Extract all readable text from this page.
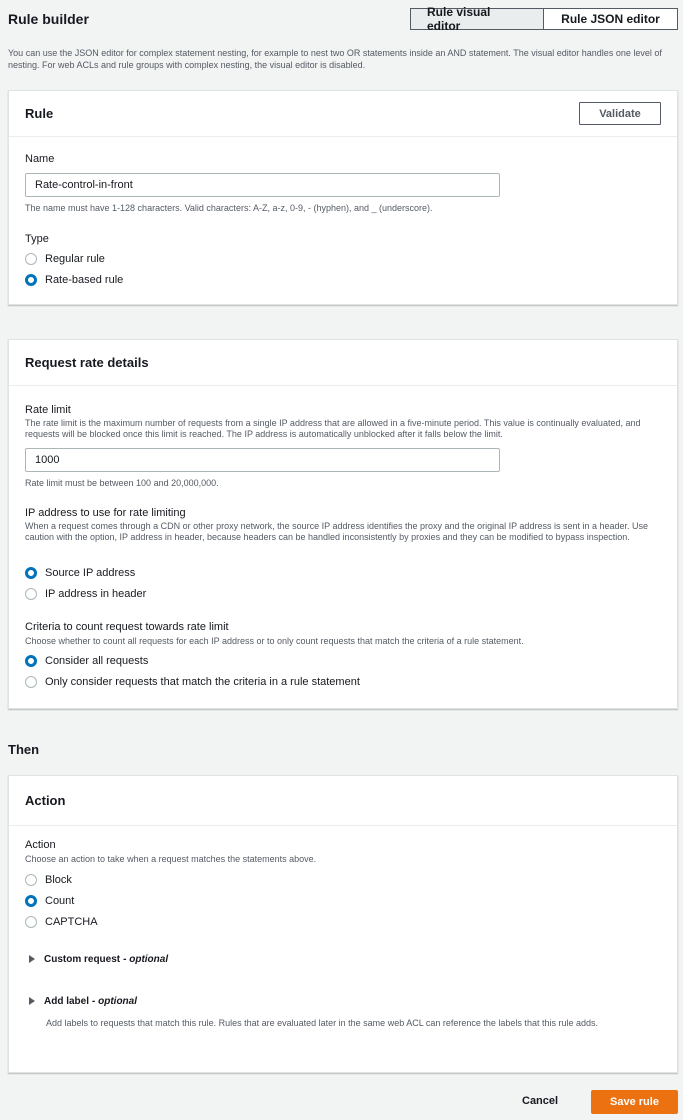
Rule builder	Rule visual editor	Rule JSON editor
You can use the JSON editor for complex statement nesting, for example to nest two OR statements inside an AND statement. The visual editor handles one level of nesting. For web ACLs and rule groups with complex nesting, the visual editor is disabled.
Rule	Validate
Name
Rate-control-in-front
The name must have 1-128 characters. Valid characters: A-Z, a-z, 0-9, - (hyphen), and _ (underscore).
Type
Regular rule
Rate-based rule
Request rate details
Rate limit
The rate limit is the maximum number of requests from a single IP address that are allowed in a five-minute period. This value is continually evaluated, and requests will be blocked once this limit is reached. The IP address is automatically unblocked after it falls below the limit.
1000
Rate limit must be between 100 and 20,000,000.
IP address to use for rate limiting
When a request comes through a CDN or other proxy network, the source IP address identifies the proxy and the original IP address is sent in a header. Use caution with the option, IP address in header, because headers can be handled inconsistently by proxies and they can be modified to bypass inspection.
Source IP address
IP address in header
Criteria to count request towards rate limit
Choose whether to count all requests for each IP address or to only count requests that match the criteria of a rule statement.
Consider all requests
Only consider requests that match the criteria in a rule statement
Then
Action
Action
Choose an action to take when a request matches the statements above.
Block
Count
CAPTCHA
Custom request - optional
Add label - optional
Add labels to requests that match this rule. Rules that are evaluated later in the same web ACL can reference the labels that this rule adds.
Cancel	Save rule
